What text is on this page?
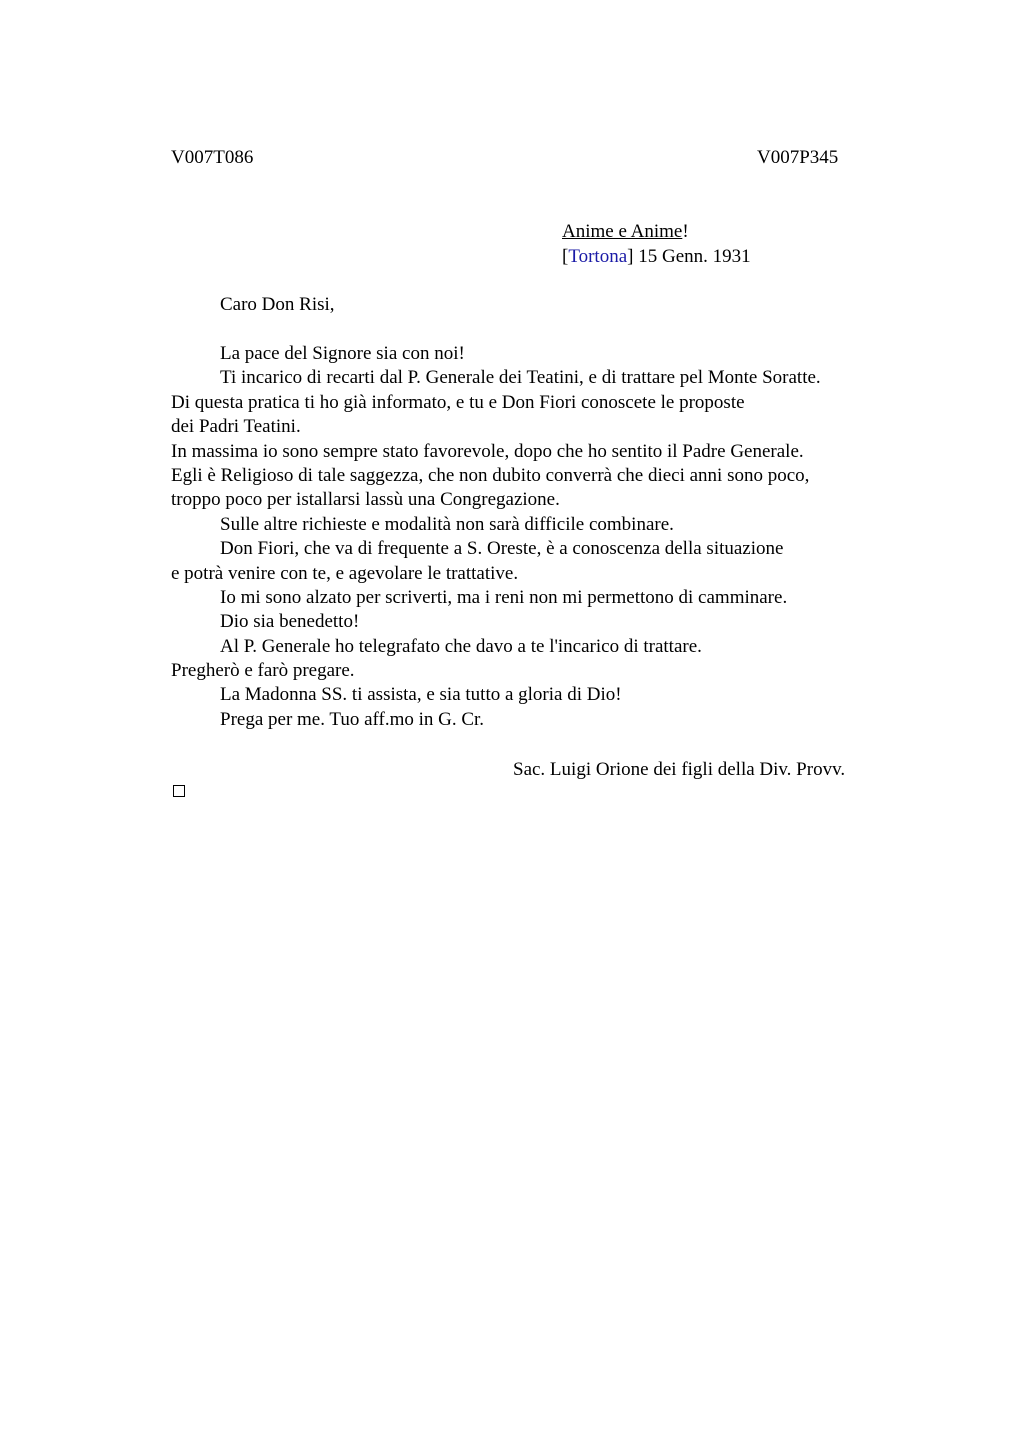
V007T086	V007P345
Anime e Anime!
[Tortona] 15 Genn. 1931
Caro Don Risi,
La pace del Signore sia con noi!
Ti incarico di recarti dal P. Generale dei Teatini, e di trattare pel Monte Soratte.
Di questa pratica ti ho già informato, e tu e Don Fiori conoscete le proposte
dei Padri Teatini.
In massima io sono sempre stato favorevole, dopo che ho sentito il Padre Generale.
Egli è Religioso di tale saggezza, che non dubito converrà che dieci anni sono poco,
troppo poco per istallarsi lassù una Congregazione.
Sulle altre richieste e modalità non sarà difficile combinare.
Don Fiori, che va di frequente a S. Oreste, è a conoscenza della situazione
e potrà venire con te, e agevolare le trattative.
Io mi sono alzato per scriverti, ma i reni non mi permettono di camminare.
Dio sia benedetto!
Al P. Generale ho telegrafato che davo a te l'incarico di trattare.
Pregherò e farò pregare.
La Madonna SS. ti assista, e sia tutto a gloria di Dio!
Prega per me. Tuo aff.mo in G. Cr.
Sac. Luigi Orione dei figli della Div. Provv.
